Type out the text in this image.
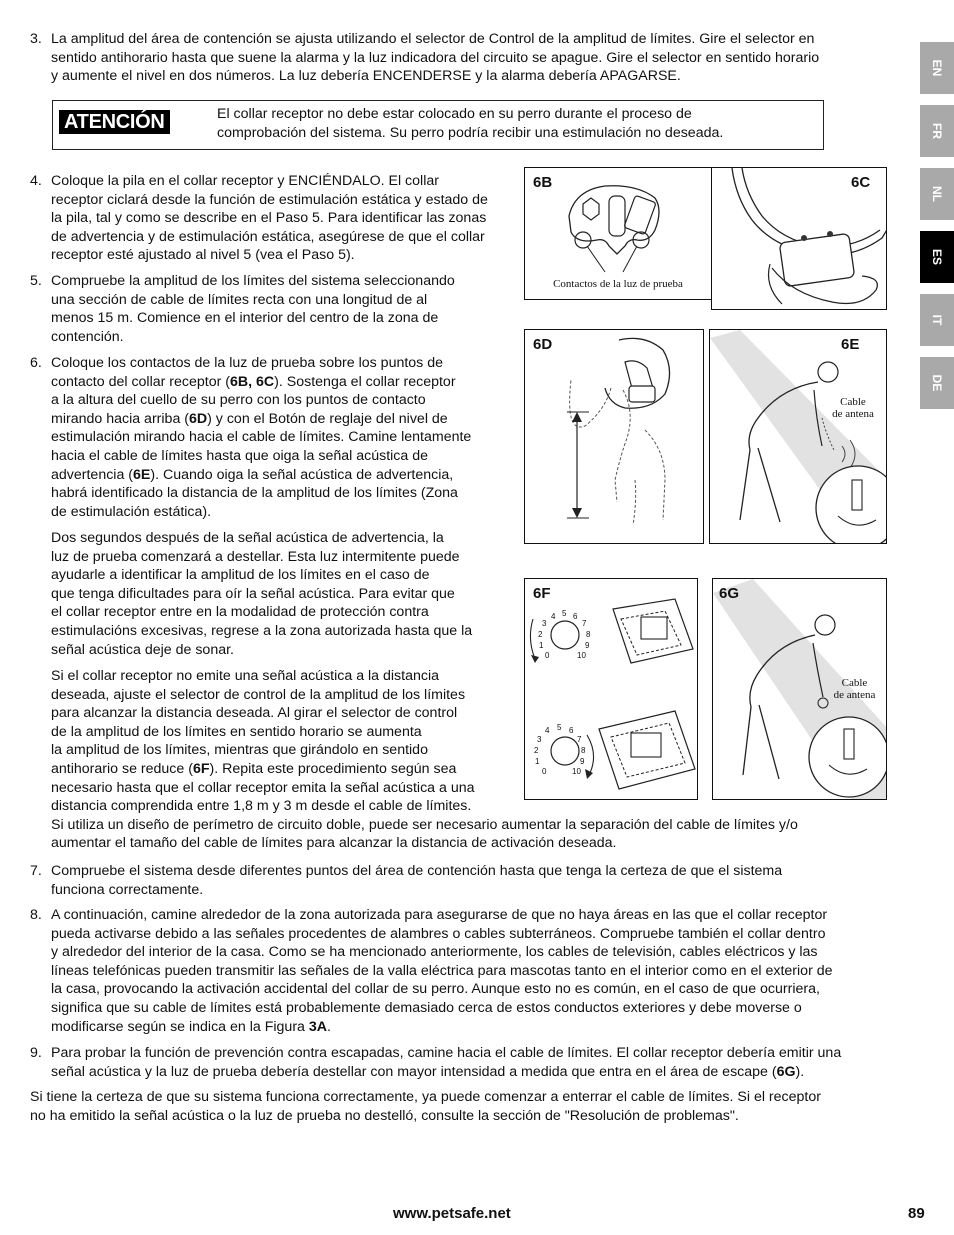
EN
FR
NL
ES
IT
DE
3. La amplitud del área de contención se ajusta utilizando el selector de Control de la amplitud de límites. Gire el selector en
sentido antihorario hasta que suene la alarma y la luz indicadora del circuito se apague. Gire el selector en sentido horario
y aumente el nivel en dos números. La luz debería ENCENDERSE y la alarma debería APAGARSE.
ATENCIÓN	El collar receptor no debe estar colocado en su perro durante el proceso de
comprobación del sistema. Su perro podría recibir una estimulación no deseada.
4. Coloque la pila en el collar receptor y ENCIÉNDALO. El collar
receptor ciclará desde la función de estimulación estática y estado de
la pila, tal y como se describe en el Paso 5. Para identificar las zonas
de advertencia y de estimulación estática, asegúrese de que el collar
receptor esté ajustado al nivel 5 (vea el Paso 5).
5. Compruebe la amplitud de los límites del sistema seleccionando
una sección de cable de límites recta con una longitud de al
menos 15 m. Comience en el interior del centro de la zona de
contención.
6. Coloque los contactos de la luz de prueba sobre los puntos de
contacto del collar receptor (6B, 6C). Sostenga el collar receptor
a la altura del cuello de su perro con los puntos de contacto
mirando hacia arriba (6D) y con el Botón de reglaje del nivel de
estimulación mirando hacia el cable de límites. Camine lentamente
hacia el cable de límites hasta que oiga la señal acústica de
advertencia (6E). Cuando oiga la señal acústica de advertencia,
habrá identificado la distancia de la amplitud de los límites (Zona
de estimulación estática).
Dos segundos después de la señal acústica de advertencia, la
luz de prueba comenzará a destellar. Esta luz intermitente puede
ayudarle a identificar la amplitud de los límites en el caso de
que tenga dificultades para oír la señal acústica. Para evitar que
el collar receptor entre en la modalidad de protección contra
estimulacións excesivas, regrese a la zona autorizada hasta que la
señal acústica deje de sonar.
Si el collar receptor no emite una señal acústica a la distancia
deseada, ajuste el selector de control de la amplitud de los límites
para alcanzar la distancia deseada. Al girar el selector de control
de la amplitud de los límites en sentido horario se aumenta
la amplitud de los límites, mientras que girándolo en sentido
antihorario se reduce (6F). Repita este procedimiento según sea
necesario hasta que el collar receptor emita la señal acústica a una
distancia comprendida entre 1,8 m y 3 m desde el cable de límites.
Si utiliza un diseño de perímetro de circuito doble, puede ser necesario aumentar la separación del cable de límites y/o
aumentar el tamaño del cable de límites para alcanzar la distancia de activación deseada.
7. Compruebe el sistema desde diferentes puntos del área de contención hasta que tenga la certeza de que el sistema
funciona correctamente.
8. A continuación, camine alrededor de la zona autorizada para asegurarse de que no haya áreas en las que el collar receptor
pueda activarse debido a las señales procedentes de alambres o cables subterráneos. Compruebe también el collar dentro
y alrededor del interior de la casa. Como se ha mencionado anteriormente, los cables de televisión, cables eléctricos y las
líneas telefónicas pueden transmitir las señales de la valla eléctrica para mascotas tanto en el interior como en el exterior de
la casa, provocando la activación accidental del collar de su perro. Aunque esto no es común, en el caso de que ocurriera,
significa que su cable de límites está probablemente demasiado cerca de estos conductos exteriores y debe moverse o
modificarse según se indica en la Figura 3A.
9. Para probar la función de prevención contra escapadas, camine hacia el cable de límites. El collar receptor debería emitir una
señal acústica y la luz de prueba debería destellar con mayor intensidad a medida que entra en el área de escape (6G).
Si tiene la certeza de que su sistema funciona correctamente, ya puede comenzar a enterrar el cable de límites. Si el receptor
no ha emitido la señal acústica o la luz de prueba no destelló, consulte la sección de "Resolución de problemas".
6B
Contactos de la luz de prueba
6C
6D	6E
Cable
de antena
6F
0
1
2
3
4 5 6
7
8
9
10
0
1
2
3
4 5 6
7
8
9
10
6G
Cable
de antena
www.petsafe.net	89
